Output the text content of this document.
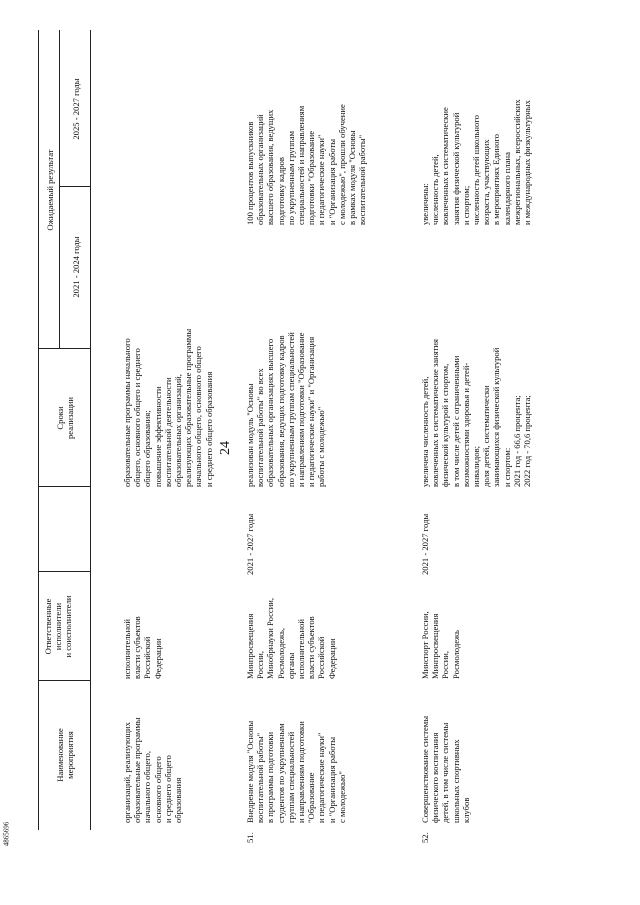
24
4865696
Наименование
мероприятия
Ответственные
исполнители
и соисполнители
Сроки
реализации
Ожидаемый результат
2021 - 2024 годы
2025 - 2027 годы
организаций, реализующих
образовательные программы
начального общего,
основного общего
и среднего общего
образования
исполнительной
власти субъектов
Российской
Федерации
образовательные программы начального
общего, основного общего и среднего
общего образования;
повышение эффективности
воспитательной деятельности
образовательных организаций,
реализующих образовательные программы
начального общего, основного общего
и среднего общего образования
51.
Внедрение модуля "Основы
воспитательной работы"
в программы подготовки
студентов по укрупненным
группам специальностей
и направлениям подготовки
"Образование
и педагогические науки"
и "Организация работы
с молодежью"
Минпросвещения
России,
Минобрнауки России,
Росмолодежь,
органы
исполнительной
власти субъектов
Российской
Федерации
2021 - 2027 годы
реализован модуль "Основы
воспитательной работы" во всех
образовательных организациях высшего
образования, ведущих подготовку кадров
по укрупненным группам специальностей
и направлениям подготовки "Образование
и педагогические науки" и "Организация
работы с молодежью"
100 процентов выпускников
образовательных организаций
высшего образования, ведущих
подготовку кадров
по укрупненным группам
специальностей и направлениям
подготовки "Образование
и педагогические науки"
и "Организация работы
с молодежью", прошли обучение
в рамках модуля "Основы
воспитательной работы"
52.
Совершенствование системы
физического воспитания
детей, в том числе системы
школьных спортивных
клубов
Минспорт России,
Минпросвещения
России,
Росмолодежь
2021 - 2027 годы
увеличена численность детей,
вовлеченных в систематические занятия
физической культурой и спортом,
в том числе детей с ограниченными
возможностями здоровья и детей-
инвалидов;
доля детей, систематически
занимающихся физической культурой
и спортом:
2021 год - 66,6 процента;
2022 год - 70,6 процента;
увеличены:
численность детей,
вовлеченных в систематические
занятия физической культурой
и спортом;
численность детей школьного
возраста, участвующих
в мероприятиях Единого
календарного плана
межрегиональных, всероссийских
и международных физкультурных
